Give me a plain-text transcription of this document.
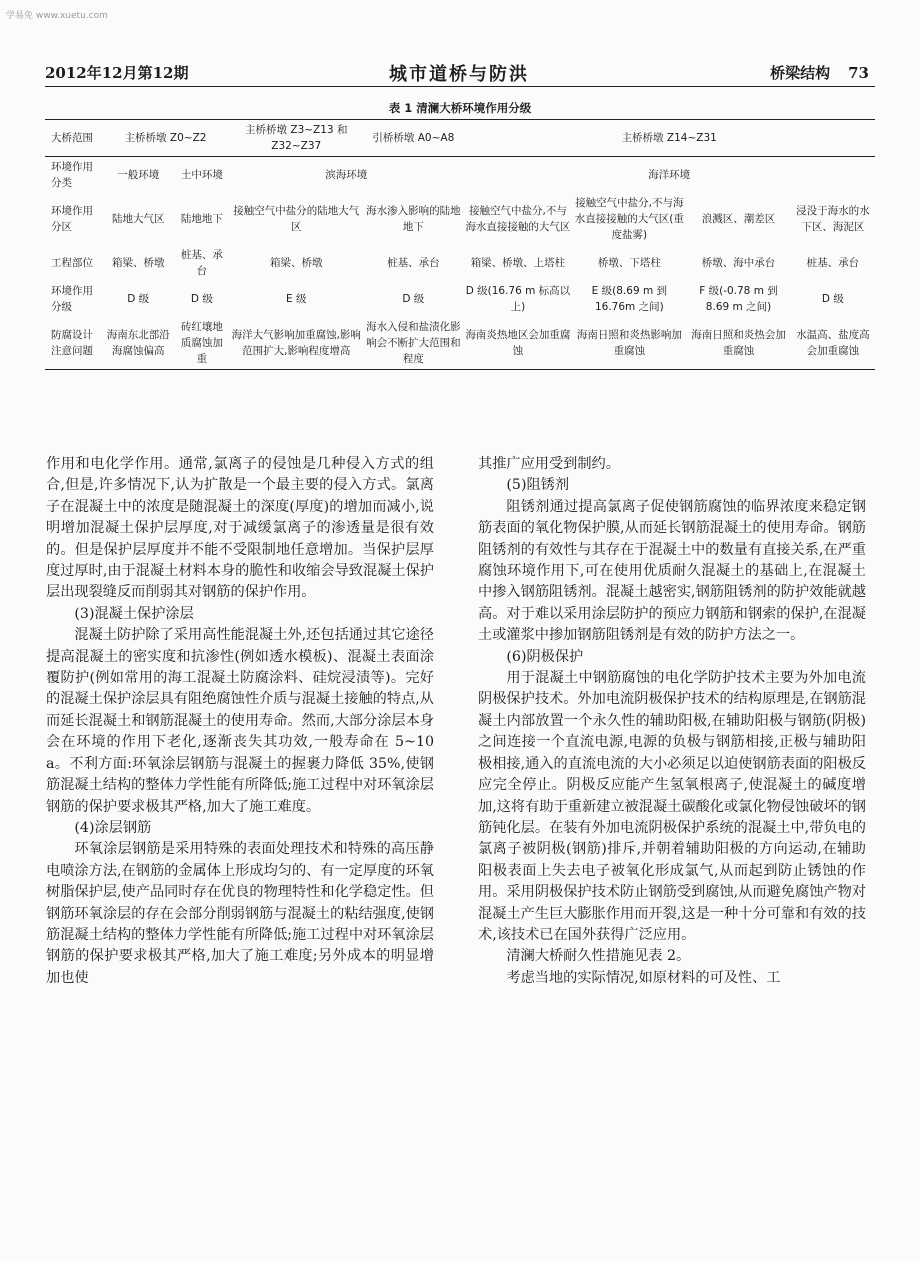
学易免 www.xuetu.com
2012年12月第12期	城市道桥与防洪	桥梁结构 73
表 1 清澜大桥环境作用分级
大桥范围	主桥桥墩 Z0~Z2		主桥桥墩 Z3~Z13 和 Z32~Z37	引桥桥墩 A0~A8	主桥桥墩 Z14~Z31			
环境作用分类	一般环境	土中环境	滨海环境		海洋环境			
环境作用分区	陆地大气区	陆地地下	接触空气中盐分的陆地大气区	海水渗入影响的陆地地下	接触空气中盐分,不与海水直接接触的大气区	接触空气中盐分,不与海水直接接触的大气区(重度盐雾)	浪溅区、潮差区	浸没于海水的水下区、海泥区
工程部位	箱梁、桥墩	桩基、承台	箱梁、桥墩	桩基、承台	箱梁、桥墩、上塔柱	桥墩、下塔柱	桥墩、海中承台	桩基、承台
环境作用分级	D 级	D 级	E 级	D 级	D 级(16.76 m 标高以上)	E 级(8.69 m 到 16.76m 之间)	F 级(-0.78 m 到 8.69 m 之间)	D 级
防腐设计注意问题	海南东北部沿海腐蚀偏高	砖红壤地质腐蚀加重	海洋大气影响加重腐蚀,影响范围扩大,影响程度增高	海水入侵和盐渍化影响会不断扩大范围和程度	海南炎热地区会加重腐蚀	海南日照和炎热影响加重腐蚀	海南日照和炎热会加重腐蚀	水温高、盐度高会加重腐蚀

作用和电化学作用。通常,氯离子的侵蚀是几种侵入方式的组合,但是,许多情况下,认为扩散是一个最主要的侵入方式。氯离子在混凝土中的浓度是随混凝土的深度(厚度)的增加而减小,说明增加混凝土保护层厚度,对于减缓氯离子的渗透量是很有效的。但是保护层厚度并不能不受限制地任意增加。当保护层厚度过厚时,由于混凝土材料本身的脆性和收缩会导致混凝土保护层出现裂缝反而削弱其对钢筋的保护作用。

(3)混凝土保护涂层

混凝土防护除了采用高性能混凝土外,还包括通过其它途径提高混凝土的密实度和抗渗性(例如透水模板)、混凝土表面涂覆防护(例如常用的海工混凝土防腐涂料、硅烷浸渍等)。完好的混凝土保护涂层具有阻绝腐蚀性介质与混凝土接触的特点,从而延长混凝土和钢筋混凝土的使用寿命。然而,大部分涂层本身会在环境的作用下老化,逐渐丧失其功效,一般寿命在 5~10 a。不利方面:环氧涂层钢筋与混凝土的握裹力降低 35%,使钢筋混凝土结构的整体力学性能有所降低;施工过程中对环氧涂层钢筋的保护要求极其严格,加大了施工难度。

(4)涂层钢筋

环氧涂层钢筋是采用特殊的表面处理技术和特殊的高压静电喷涂方法,在钢筋的金属体上形成均匀的、有一定厚度的环氧树脂保护层,使产品同时存在优良的物理特性和化学稳定性。但钢筋环氧涂层的存在会部分削弱钢筋与混凝土的粘结强度,使钢筋混凝土结构的整体力学性能有所降低;施工过程中对环氧涂层钢筋的保护要求极其严格,加大了施工难度;另外成本的明显增加也使

其推广应用受到制约。

(5)阻锈剂

阻锈剂通过提高氯离子促使钢筋腐蚀的临界浓度来稳定钢筋表面的氧化物保护膜,从而延长钢筋混凝土的使用寿命。钢筋阻锈剂的有效性与其存在于混凝土中的数量有直接关系,在严重腐蚀环境作用下,可在使用优质耐久混凝土的基础上,在混凝土中掺入钢筋阻锈剂。混凝土越密实,钢筋阻锈剂的防护效能就越高。对于难以采用涂层防护的预应力钢筋和钢索的保护,在混凝土或灌浆中掺加钢筋阻锈剂是有效的防护方法之一。

(6)阴极保护

用于混凝土中钢筋腐蚀的电化学防护技术主要为外加电流阴极保护技术。外加电流阴极保护技术的结构原理是,在钢筋混凝土内部放置一个永久性的辅助阳极,在辅助阳极与钢筋(阴极)之间连接一个直流电源,电源的负极与钢筋相接,正极与辅助阳极相接,通入的直流电流的大小必须足以迫使钢筋表面的阳极反应完全停止。阴极反应能产生氢氧根离子,使混凝土的碱度增加,这将有助于重新建立被混凝土碳酸化或氯化物侵蚀破坏的钢筋钝化层。在装有外加电流阴极保护系统的混凝土中,带负电的氯离子被阴极(钢筋)排斥,并朝着辅助阳极的方向运动,在辅助阳极表面上失去电子被氧化形成氯气,从而起到防止锈蚀的作用。采用阴极保护技术防止钢筋受到腐蚀,从而避免腐蚀产物对混凝土产生巨大膨胀作用而开裂,这是一种十分可靠和有效的技术,该技术已在国外获得广泛应用。

清澜大桥耐久性措施见表 2。

考虑当地的实际情况,如原材料的可及性、工
